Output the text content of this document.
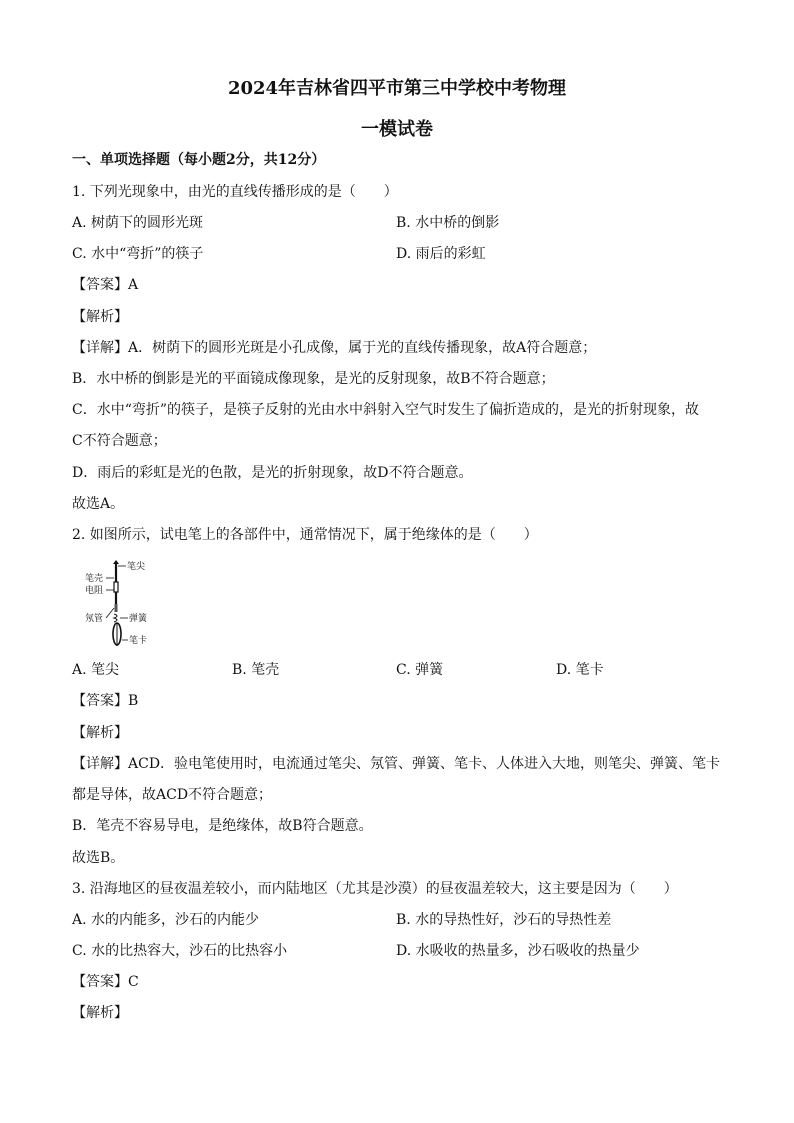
2024年吉林省四平市第三中学校中考物理
一模试卷
一、单项选择题（每小题2分，共12分）
1. 下列光现象中，由光的直线传播形成的是（　　）
A. 树荫下的圆形光斑	B. 水中桥的倒影
C. 水中“弯折”的筷子	D. 雨后的彩虹
【答案】A
【解析】
【详解】A．树荫下的圆形光斑是小孔成像，属于光的直线传播现象，故A符合题意；
B．水中桥的倒影是光的平面镜成像现象，是光的反射现象，故B不符合题意；
C．水中“弯折”的筷子，是筷子反射的光由水中斜射入空气时发生了偏折造成的，是光的折射现象，故
C不符合题意；
D．雨后的彩虹是光的色散，是光的折射现象，故D不符合题意。
故选A。
2. 如图所示，试电笔上的各部件中，通常情况下，属于绝缘体的是（　　）
笔尖
笔壳
电阻
氖管	弹簧
笔卡
A. 笔尖	B. 笔壳	C. 弹簧	D. 笔卡
【答案】B
【解析】
【详解】ACD．验电笔使用时，电流通过笔尖、氖管、弹簧、笔卡、人体进入大地，则笔尖、弹簧、笔卡
都是导体，故ACD不符合题意；
B．笔壳不容易导电，是绝缘体，故B符合题意。
故选B。
3. 沿海地区的昼夜温差较小，而内陆地区（尤其是沙漠）的昼夜温差较大，这主要是因为（　　）
A. 水的内能多，沙石的内能少	B. 水的导热性好，沙石的导热性差
C. 水的比热容大，沙石的比热容小	D. 水吸收的热量多，沙石吸收的热量少
【答案】C
【解析】
